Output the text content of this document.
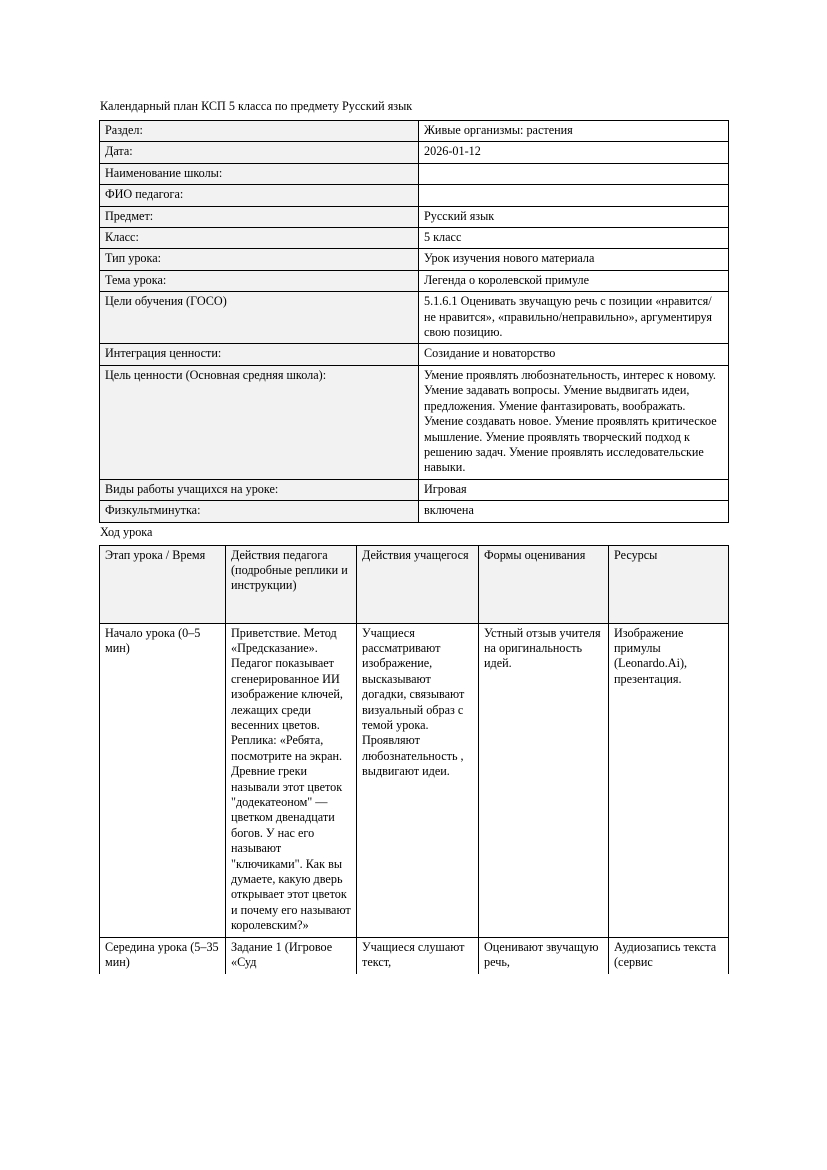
Календарный план КСП 5 класса по предмету Русский язык
Раздел:	Живые организмы: растения
Дата:	2026-01-12
Наименование школы:	
ФИО педагога:	
Предмет:	Русский язык
Класс:	5 класс
Тип урока:	Урок изучения нового материала
Тема урока:	Легенда о королевской примуле
Цели обучения (ГОСО)	5.1.6.1 Оценивать звучащую речь с позиции «нравится/не нравится», «правильно/неправильно», аргументируя свою позицию.
Интеграция ценности:	Созидание и новаторство
Цель ценности (Основная средняя школа):	Умение проявлять любознательность, интерес к новому. Умение задавать вопросы. Умение выдвигать идеи, предложения. Умение фантазировать, воображать. Умение создавать новое. Умение проявлять критическое мышление. Умение проявлять творческий подход к решению задач. Умение проявлять исследовательские навыки.
Виды работы учащихся на уроке:	Игровая
Физкультминутка:	включена
Ход урока
Этап урока / Время	Действия педагога (подробные реплики и инструкции)	Действия учащегося	Формы оценивания	Ресурсы
Начало урока (0–5 мин)	Приветствие. Метод «Предсказание». Педагог показывает сгенерированное ИИ изображение ключей, лежащих среди весенних цветов. Реплика: «Ребята, посмотрите на экран. Древние греки называли этот цветок "додекатеоном" — цветком двенадцати богов. У нас его называют "ключиками". Как вы думаете, какую дверь открывает этот цветок и почему его называют королевским?»	Учащиеся рассматривают изображение, высказывают догадки, связывают визуальный образ с темой урока. Проявляют любознательность , выдвигают идеи.	Устный отзыв учителя на оригинальность идей.	Изображение примулы (Leonardo.Ai), презентация.

Середина урока (5–35 мин)	Задание 1 (Игровое «Суд	Учащиеся слушают текст,	Оценивают звучащую речь,	Аудиозапись текста (сервис
